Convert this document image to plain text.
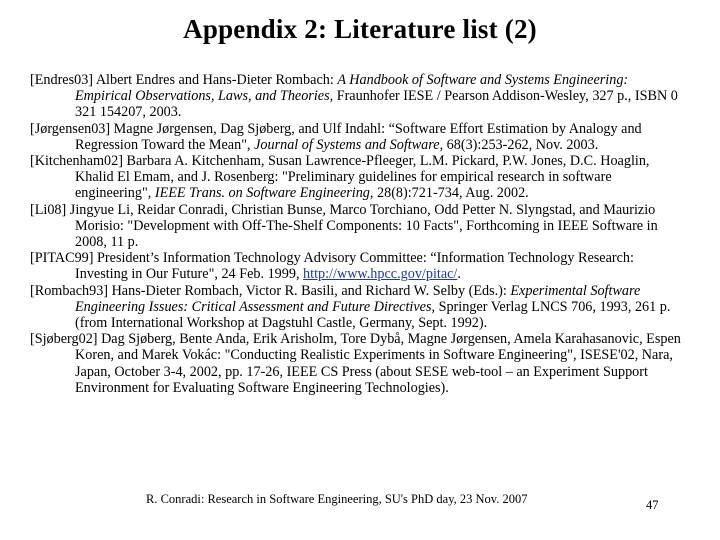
Appendix 2: Literature list (2)

[Endres03] Albert Endres and Hans-Dieter Rombach: A Handbook of Software and Systems Engineering: Empirical Observations, Laws, and Theories, Fraunhofer IESE / Pearson Addison-Wesley, 327 p., ISBN 0 321 154207, 2003.

[Jørgensen03] Magne Jørgensen, Dag Sjøberg, and Ulf Indahl: “Software Effort Estimation by Analogy and Regression Toward the Mean", Journal of Systems and Software, 68(3):253-262, Nov. 2003.

[Kitchenham02] Barbara A. Kitchenham, Susan Lawrence-Pfleeger, L.M. Pickard, P.W. Jones, D.C. Hoaglin, Khalid El Emam, and J. Rosenberg: "Preliminary guidelines for empirical research in software engineering", IEEE Trans. on Software Engineering, 28(8):721-734, Aug. 2002.

[Li08] Jingyue Li, Reidar Conradi, Christian Bunse, Marco Torchiano, Odd Petter N. Slyngstad, and Maurizio Morisio: "Development with Off-The-Shelf Components: 10 Facts", Forthcoming in IEEE Software in 2008, 11 p.

[PITAC99] President’s Information Technology Advisory Committee: “Information Technology Research: Investing in Our Future", 24 Feb. 1999, http://www.hpcc.gov/pitac/.

[Rombach93] Hans-Dieter Rombach, Victor R. Basili, and Richard W. Selby (Eds.): Experimental Software Engineering Issues: Critical Assessment and Future Directives, Springer Verlag LNCS 706, 1993, 261 p. (from International Workshop at Dagstuhl Castle, Germany, Sept. 1992).

[Sjøberg02] Dag Sjøberg, Bente Anda, Erik Arisholm, Tore Dybå, Magne Jørgensen, Amela Karahasanovic, Espen Koren, and Marek Vokác: "Conducting Realistic Experiments in Software Engineering", ISESE'02, Nara, Japan, October 3-4, 2002, pp. 17-26, IEEE CS Press (about SESE web-tool – an Experiment Support Environment for Evaluating Software Engineering Technologies).

R. Conradi: Research in Software Engineering, SU's PhD day, 23 Nov. 2007	47
